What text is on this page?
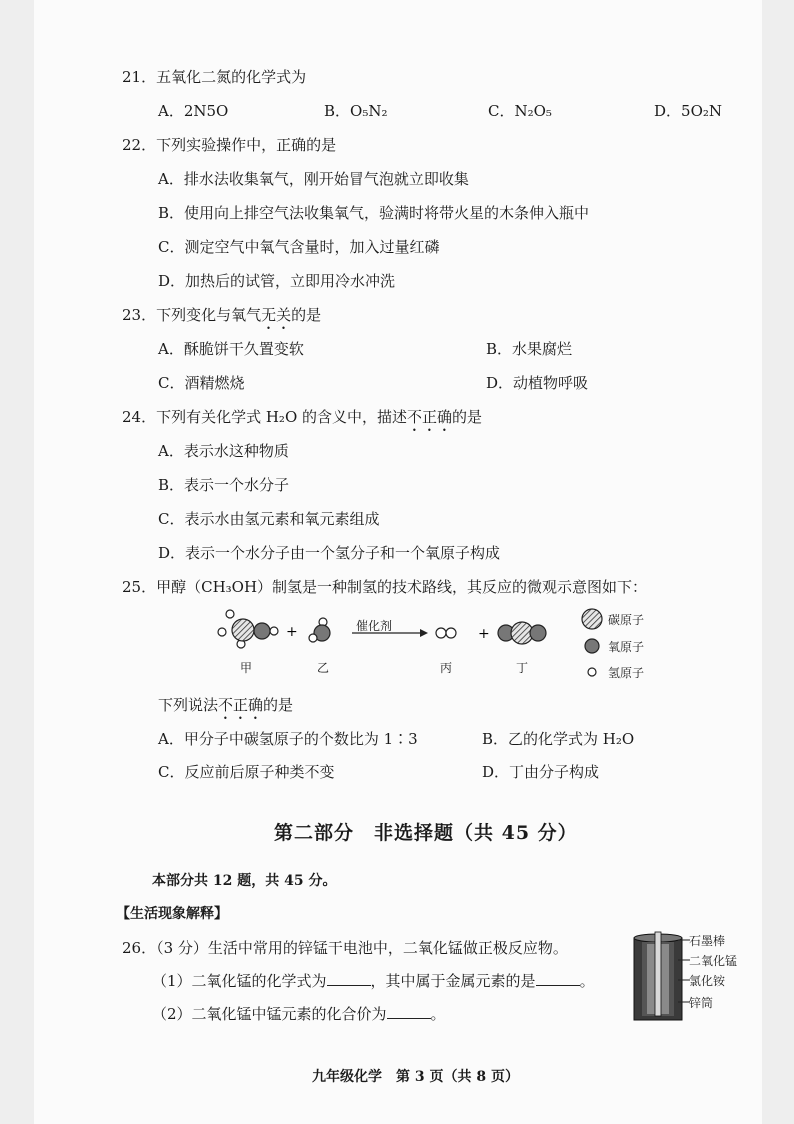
21．五氧化二氮的化学式为
A．2N5O	B．O₅N₂	C．N₂O₅	D．5O₂N
22．下列实验操作中，正确的是
A．排水法收集氧气，刚开始冒气泡就立即收集
B．使用向上排空气法收集氧气，验满时将带火星的木条伸入瓶中
C．测定空气中氧气含量时，加入过量红磷
D．加热后的试管，立即用冷水冲洗
23．下列变化与氧气无关的是
A．酥脆饼干久置变软	B．水果腐烂
C．酒精燃烧	D．动植物呼吸
24．下列有关化学式 H₂O 的含义中，描述不正确的是
A．表示水这种物质
B．表示一个水分子
C．表示水由氢元素和氧元素组成
D．表示一个水分子由一个氢分子和一个氧原子构成
25．甲醇（CH₃OH）制氢是一种制氢的技术路线，其反应的微观示意图如下：
+	+
催化剂
甲	乙	丙	丁
碳原子
氧原子
氢原子
下列说法不正确的是
A．甲分子中碳氢原子的个数比为 1∶3	B．乙的化学式为 H₂O
C．反应前后原子种类不变	D．丁由分子构成
第二部分　非选择题（共 45 分）
本部分共 12 题，共 45 分。
【生活现象解释】
26．（3 分）生活中常用的锌锰干电池中，二氧化锰做正极反应物。
（1）二氧化锰的化学式为	，其中属于金属元素的是	。
（2）二氧化锰中锰元素的化合价为	。
石墨棒
二氧化锰
氯化铵
锌筒
九年级化学　第 3 页（共 8 页）
